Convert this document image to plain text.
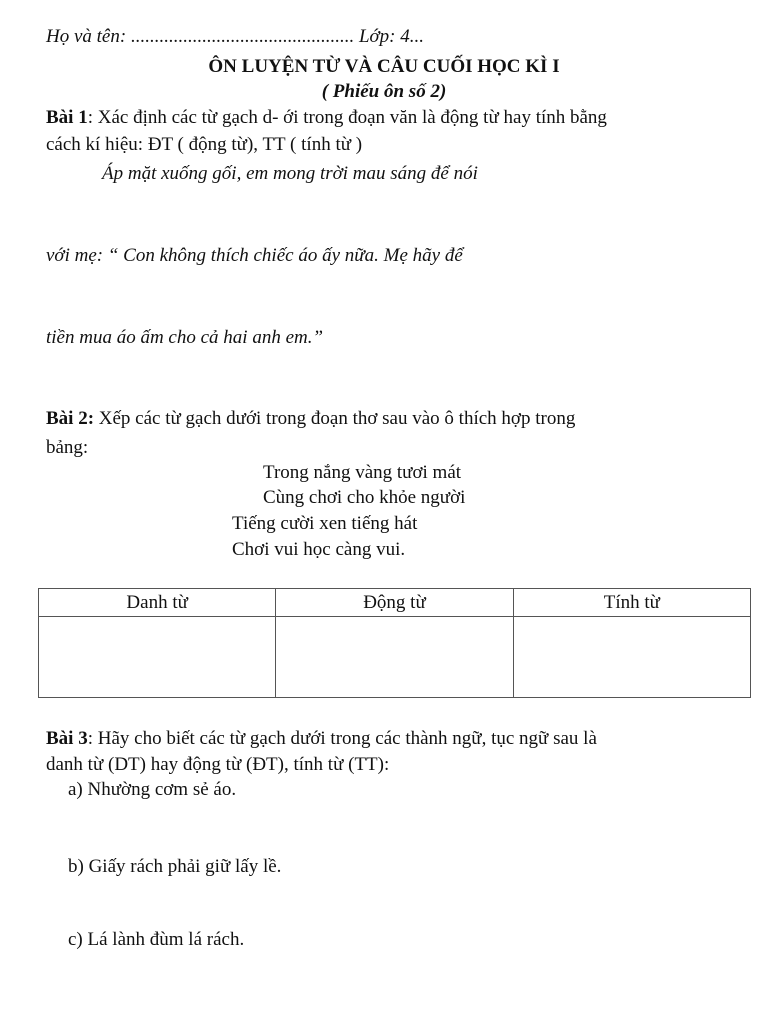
Họ và tên: ............................................... Lớp: 4...
ÔN LUYỆN TỪ VÀ CÂU CUỐI HỌC KÌ I
( Phiếu ôn số 2)
Bài 1: Xác định các từ gạch d- ới trong đoạn văn là động từ hay tính bằng
cách kí hiệu: ĐT ( động từ), TT ( tính từ )
Áp mặt xuống gối, em mong trời mau sáng để nói
với mẹ: “ Con không thích chiếc áo ấy nữa. Mẹ hãy để
tiền mua áo ấm cho cả hai anh em.”
Bài 2: Xếp các từ gạch dưới trong đoạn thơ sau vào ô thích hợp trong
bảng:
Trong nắng vàng tươi mát
Cùng chơi cho khỏe người
Tiếng cười xen tiếng hát
Chơi vui học càng vui.
Danh từ	Động từ	Tính từ

Bài 3: Hãy cho biết các từ gạch dưới trong các thành ngữ, tục ngữ sau là
danh từ (DT) hay động từ (ĐT), tính từ (TT):
a) Nhường cơm sẻ áo.
b) Giấy rách phải giữ lấy lề.
c) Lá lành đùm lá rách.
